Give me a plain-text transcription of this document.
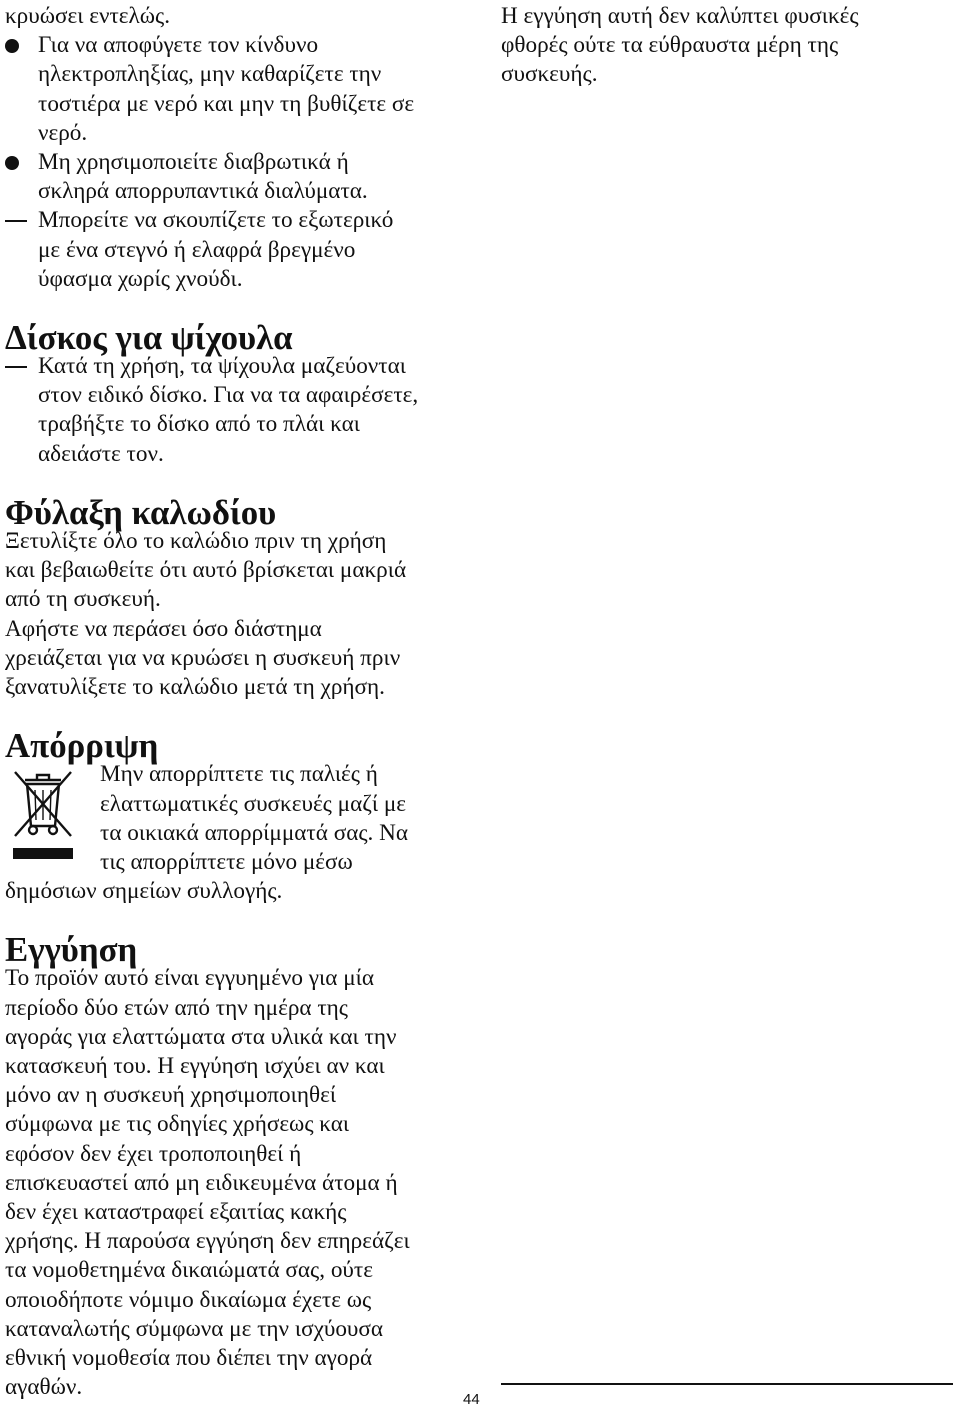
κρυώσει εντελώς.
Για να αποφύγετε τον κίνδυνο
ηλεκτροπληξίας, μην καθαρίζετε την
τοστιέρα με νερό και μην τη βυθίζετε σε
νερό.
Μη χρησιμοποιείτε διαβρωτικά ή
σκληρά απορρυπαντικά διαλύματα.
Μπορείτε να σκουπίζετε το εξωτερικό
με ένα στεγνό ή ελαφρά βρεγμένο
ύφασμα χωρίς χνούδι.
Δίσκος για ψίχουλα
Κατά τη χρήση, τα ψίχουλα μαζεύονται
στον ειδικό δίσκο. Για να τα αφαιρέσετε,
τραβήξτε το δίσκο από το πλάι και
αδειάστε τον.
Φύλαξη καλωδίου

Ξετυλίξτε όλο το καλώδιο πριν τη χρήση
και βεβαιωθείτε ότι αυτό βρίσκεται μακριά
από τη συσκευή.
Αφήστε να περάσει όσο διάστημα
χρειάζεται για να κρυώσει η συσκευή πριν
ξανατυλίξετε το καλώδιο μετά τη χρήση.

Απόρριψη
Μην απορρίπτετε τις παλιές ή
ελαττωματικές συσκευές μαζί με
τα οικιακά απορρίμματά σας. Να
τις απορρίπτετε μόνο μέσω
δημόσιων σημείων συλλογής.
Εγγύηση

Το προϊόν αυτό είναι εγγυημένο για μία
περίοδο δύο ετών από την ημέρα της
αγοράς για ελαττώματα στα υλικά και την
κατασκευή του. Η εγγύηση ισχύει αν και
μόνο αν η συσκευή χρησιμοποιηθεί
σύμφωνα με τις οδηγίες χρήσεως και
εφόσον δεν έχει τροποποιηθεί ή
επισκευαστεί από μη ειδικευμένα άτομα ή
δεν έχει καταστραφεί εξαιτίας κακής
χρήσης. Η παρούσα εγγύηση δεν επηρεάζει
τα νομοθετημένα δικαιώματά σας, ούτε
οποιοδήποτε νόμιμο δικαίωμα έχετε ως
καταναλωτής σύμφωνα με την ισχύουσα
εθνική νομοθεσία που διέπει την αγορά
αγαθών.

Η εγγύηση αυτή δεν καλύπτει φυσικές
φθορές ούτε τα εύθραυστα μέρη της
συσκευής.
44
